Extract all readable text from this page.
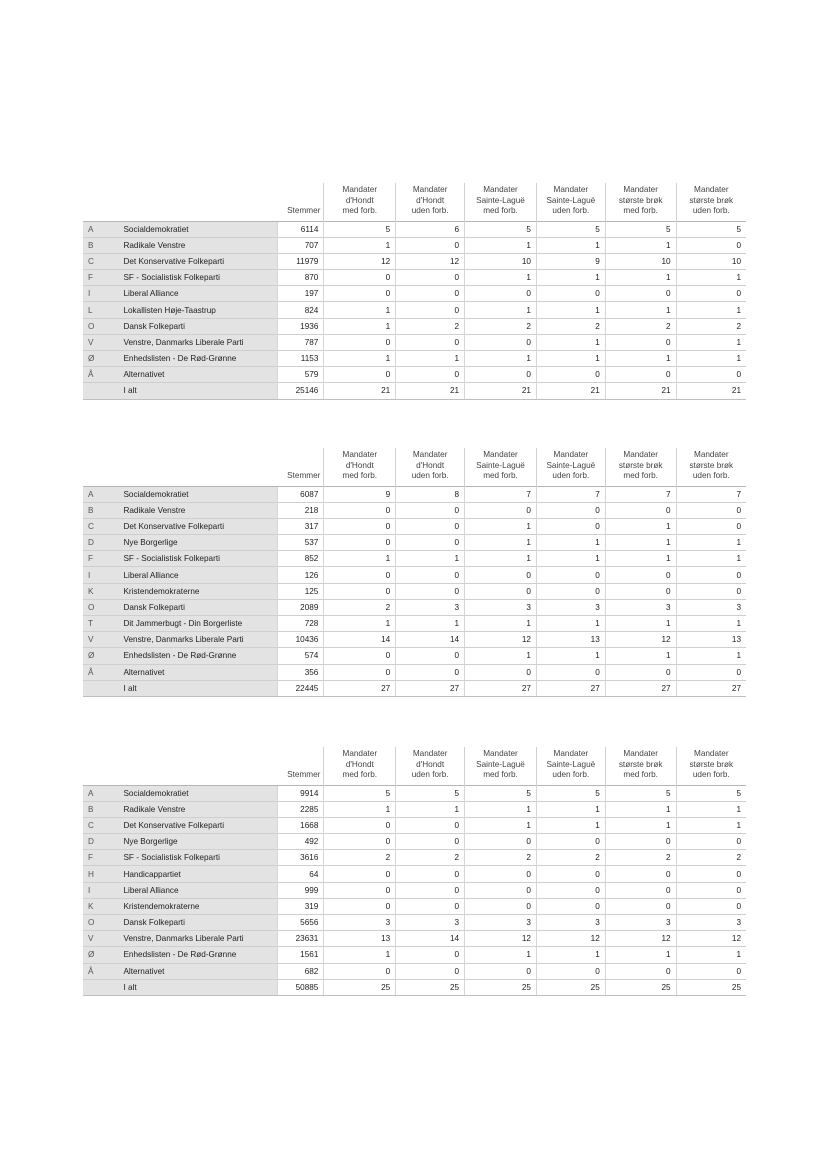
		Stemmer	Mandater
d'Hondt
med forb.	Mandater
d'Hondt
uden forb.	Mandater
Sainte-Laguë
med forb.	Mandater
Sainte-Laguë
uden forb.	Mandater
største brøk
med forb.	Mandater
største brøk
uden forb.

A	Socialdemokratiet	6114	5	6	5	5	5	5
B	Radikale Venstre	707	1	0	1	1	1	0
C	Det Konservative Folkeparti	11979	12	12	10	9	10	10
F	SF - Socialistisk Folkeparti	870	0	0	1	1	1	1
I	Liberal Alliance	197	0	0	0	0	0	0
L	Lokallisten Høje-Taastrup	824	1	0	1	1	1	1
O	Dansk Folkeparti	1936	1	2	2	2	2	2
V	Venstre, Danmarks Liberale Parti	787	0	0	0	1	0	1
Ø	Enhedslisten - De Rød-Grønne	1153	1	1	1	1	1	1
Å	Alternativet	579	0	0	0	0	0	0
	I alt	25146	21	21	21	21	21	21
		Stemmer	Mandater
d'Hondt
med forb.	Mandater
d'Hondt
uden forb.	Mandater
Sainte-Laguë
med forb.	Mandater
Sainte-Laguë
uden forb.	Mandater
største brøk
med forb.	Mandater
største brøk
uden forb.

A	Socialdemokratiet	6087	9	8	7	7	7	7
B	Radikale Venstre	218	0	0	0	0	0	0
C	Det Konservative Folkeparti	317	0	0	1	0	1	0
D	Nye Borgerlige	537	0	0	1	1	1	1
F	SF - Socialistisk Folkeparti	852	1	1	1	1	1	1
I	Liberal Alliance	126	0	0	0	0	0	0
K	Kristendemokraterne	125	0	0	0	0	0	0
O	Dansk Folkeparti	2089	2	3	3	3	3	3
T	Dit Jammerbugt - Din Borgerliste	728	1	1	1	1	1	1
V	Venstre, Danmarks Liberale Parti	10436	14	14	12	13	12	13
Ø	Enhedslisten - De Rød-Grønne	574	0	0	1	1	1	1
Å	Alternativet	356	0	0	0	0	0	0
	I alt	22445	27	27	27	27	27	27
		Stemmer	Mandater
d'Hondt
med forb.	Mandater
d'Hondt
uden forb.	Mandater
Sainte-Laguë
med forb.	Mandater
Sainte-Laguë
uden forb.	Mandater
største brøk
med forb.	Mandater
største brøk
uden forb.

A	Socialdemokratiet	9914	5	5	5	5	5	5
B	Radikale Venstre	2285	1	1	1	1	1	1
C	Det Konservative Folkeparti	1668	0	0	1	1	1	1
D	Nye Borgerlige	492	0	0	0	0	0	0
F	SF - Socialistisk Folkeparti	3616	2	2	2	2	2	2
H	Handicappartiet	64	0	0	0	0	0	0
I	Liberal Alliance	999	0	0	0	0	0	0
K	Kristendemokraterne	319	0	0	0	0	0	0
O	Dansk Folkeparti	5656	3	3	3	3	3	3
V	Venstre, Danmarks Liberale Parti	23631	13	14	12	12	12	12
Ø	Enhedslisten - De Rød-Grønne	1561	1	0	1	1	1	1
Å	Alternativet	682	0	0	0	0	0	0
	I alt	50885	25	25	25	25	25	25
